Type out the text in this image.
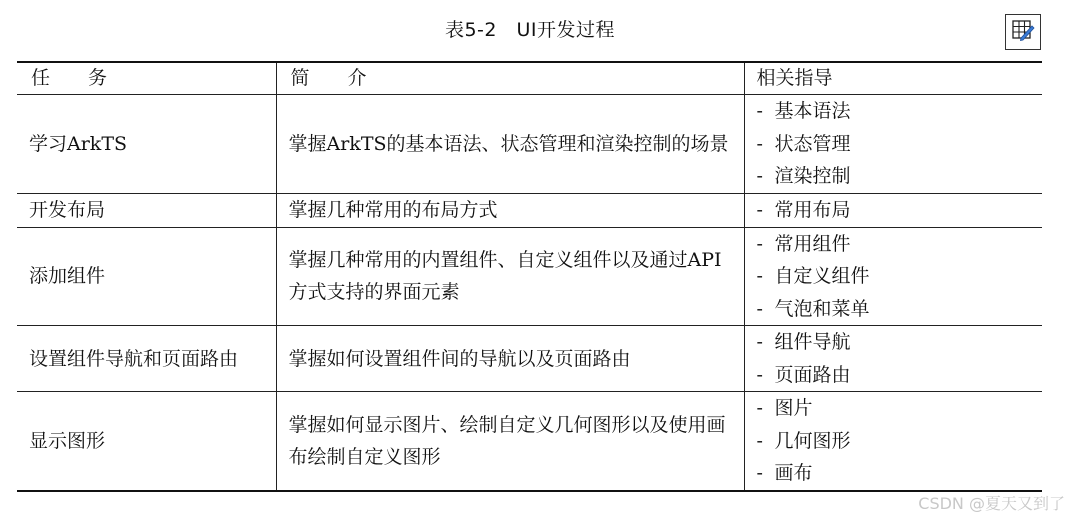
表5-2　UI开发过程
任　　务	简　　介	相关指导
学习ArkTS	掌握ArkTS的基本语法、状态管理和渲染控制的场景	- 基本语法
- 状态管理
- 渲染控制

开发布局	掌握几种常用的布局方式	- 常用布局

添加组件	掌握几种常用的内置组件、自定义组件以及通过API方式支持的界面元素	- 常用组件
- 自定义组件
- 气泡和菜单

设置组件导航和页面路由	掌握如何设置组件间的导航以及页面路由	- 组件导航
- 页面路由

显示图形	掌握如何显示图片、绘制自定义几何图形以及使用画布绘制自定义图形	- 图片
- 几何图形
- 画布
CSDN @夏天又到了
